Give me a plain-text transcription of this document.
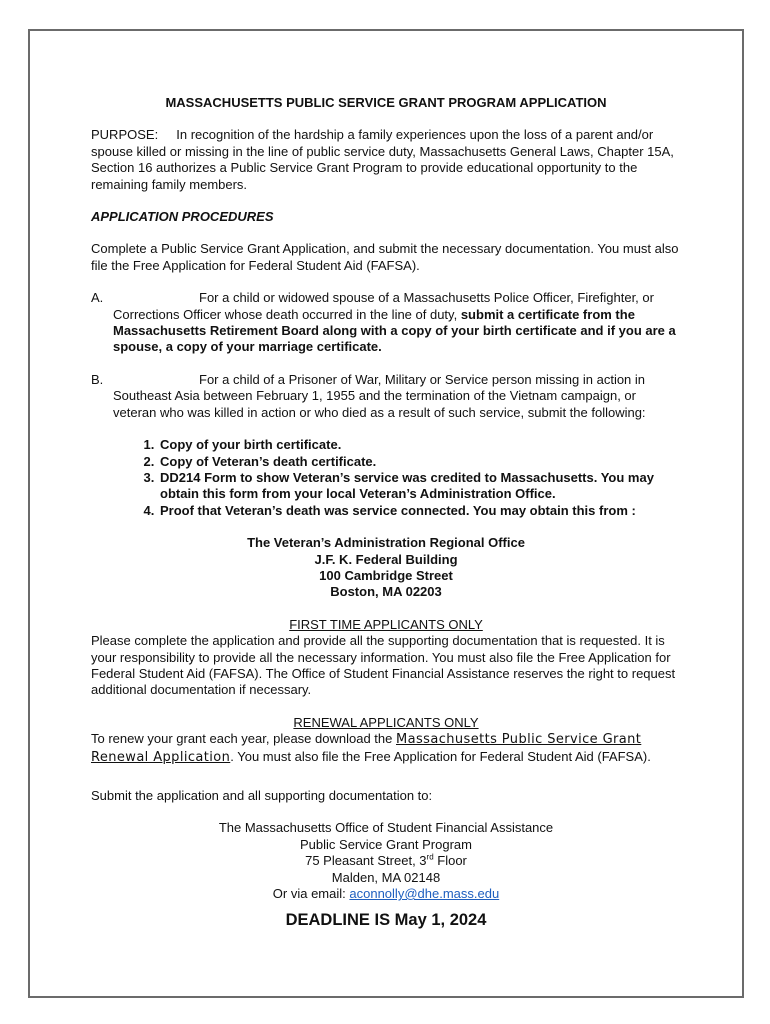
MASSACHUSETTS PUBLIC SERVICE GRANT PROGRAM APPLICATION

PURPOSE: In recognition of the hardship a family experiences upon the loss of a parent and/or spouse killed or missing in the line of public service duty, Massachusetts General Laws, Chapter 15A, Section 16 authorizes a Public Service Grant Program to provide educational opportunity to the remaining family members.

APPLICATION PROCEDURES

Complete a Public Service Grant Application, and submit the necessary documentation. You must also file the Free Application for Federal Student Aid (FAFSA).

A.	For a child or widowed spouse of a Massachusetts Police Officer, Firefighter, or Corrections Officer whose death occurred in the line of duty, submit a certificate from the Massachusetts Retirement Board along with a copy of your birth certificate and if you are a spouse, a copy of your marriage certificate.
B.	For a child of a Prisoner of War, Military or Service person missing in action in Southeast Asia between February 1, 1955 and the termination of the Vietnam campaign, or veteran who was killed in action or who died as a result of such service, submit the following:
1. Copy of your birth certificate.
2. Copy of Veteran’s death certificate.
3. DD214 Form to show Veteran’s service was credited to Massachusetts. You may obtain this form from your local Veteran’s Administration Office.
4. Proof that Veteran’s death was service connected. You may obtain this from :
The Veteran’s Administration Regional Office
J.F. K. Federal Building
100 Cambridge Street
Boston, MA 02203
FIRST TIME APPLICANTS ONLY

Please complete the application and provide all the supporting documentation that is requested. It is your responsibility to provide all the necessary information. You must also file the Free Application for Federal Student Aid (FAFSA). The Office of Student Financial Assistance reserves the right to request additional documentation if necessary.

RENEWAL APPLICANTS ONLY

To renew your grant each year, please download the Massachusetts Public Service Grant Renewal Application. You must also file the Free Application for Federal Student Aid (FAFSA).

Submit the application and all supporting documentation to:

The Massachusetts Office of Student Financial Assistance
Public Service Grant Program
75 Pleasant Street, 3rd Floor
Malden, MA 02148
Or via email: aconnolly@dhe.mass.edu
DEADLINE IS May 1, 2024
